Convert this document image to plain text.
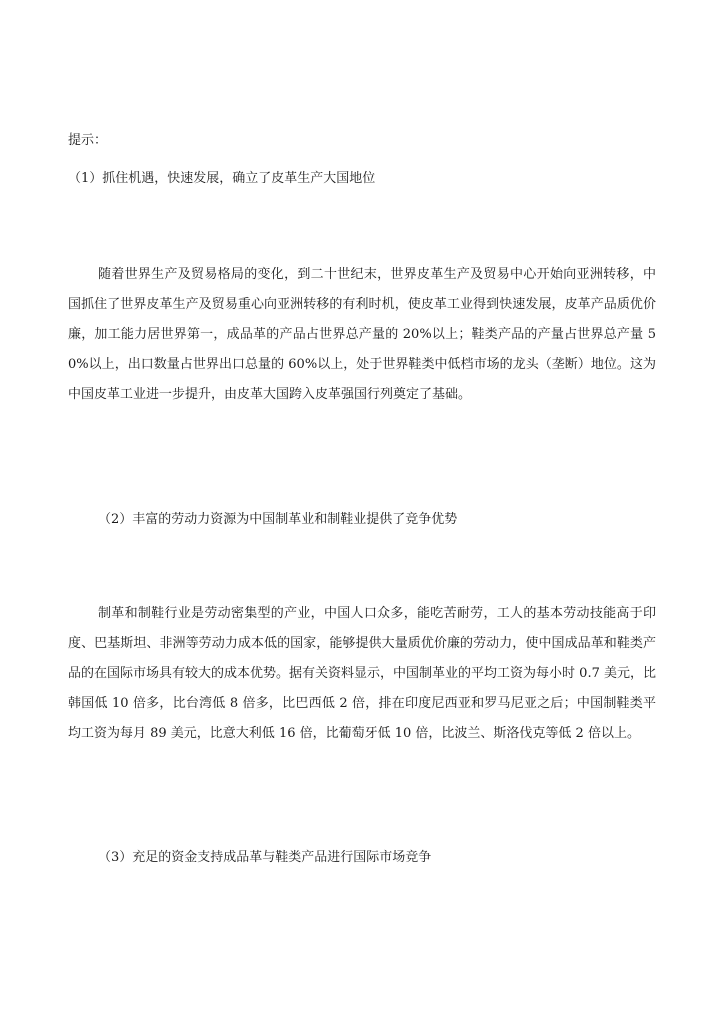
提示：

（1）抓住机遇，快速发展，确立了皮革生产大国地位

随着世界生产及贸易格局的变化，到二十世纪末，世界皮革生产及贸易中心开始向亚洲转移，中国抓住了世界皮革生产及贸易重心向亚洲转移的有利时机，使皮革工业得到快速发展，皮革产品质优价廉，加工能力居世界第一，成品革的产品占世界总产量的 20%以上；鞋类产品的产量占世界总产量 50%以上，出口数量占世界出口总量的 60%以上，处于世界鞋类中低档市场的龙头（垄断）地位。这为中国皮革工业进一步提升，由皮革大国跨入皮革强国行列奠定了基础。

（2）丰富的劳动力资源为中国制革业和制鞋业提供了竞争优势

制革和制鞋行业是劳动密集型的产业，中国人口众多，能吃苦耐劳，工人的基本劳动技能高于印度、巴基斯坦、非洲等劳动力成本低的国家，能够提供大量质优价廉的劳动力，使中国成品革和鞋类产品的在国际市场具有较大的成本优势。据有关资料显示，中国制革业的平均工资为每小时 0.7 美元，比韩国低 10 倍多，比台湾低 8 倍多，比巴西低 2 倍，排在印度尼西亚和罗马尼亚之后；中国制鞋类平均工资为每月 89 美元，比意大利低 16 倍，比葡萄牙低 10 倍，比波兰、斯洛伐克等低 2 倍以上。

（3）充足的资金支持成品革与鞋类产品进行国际市场竞争
